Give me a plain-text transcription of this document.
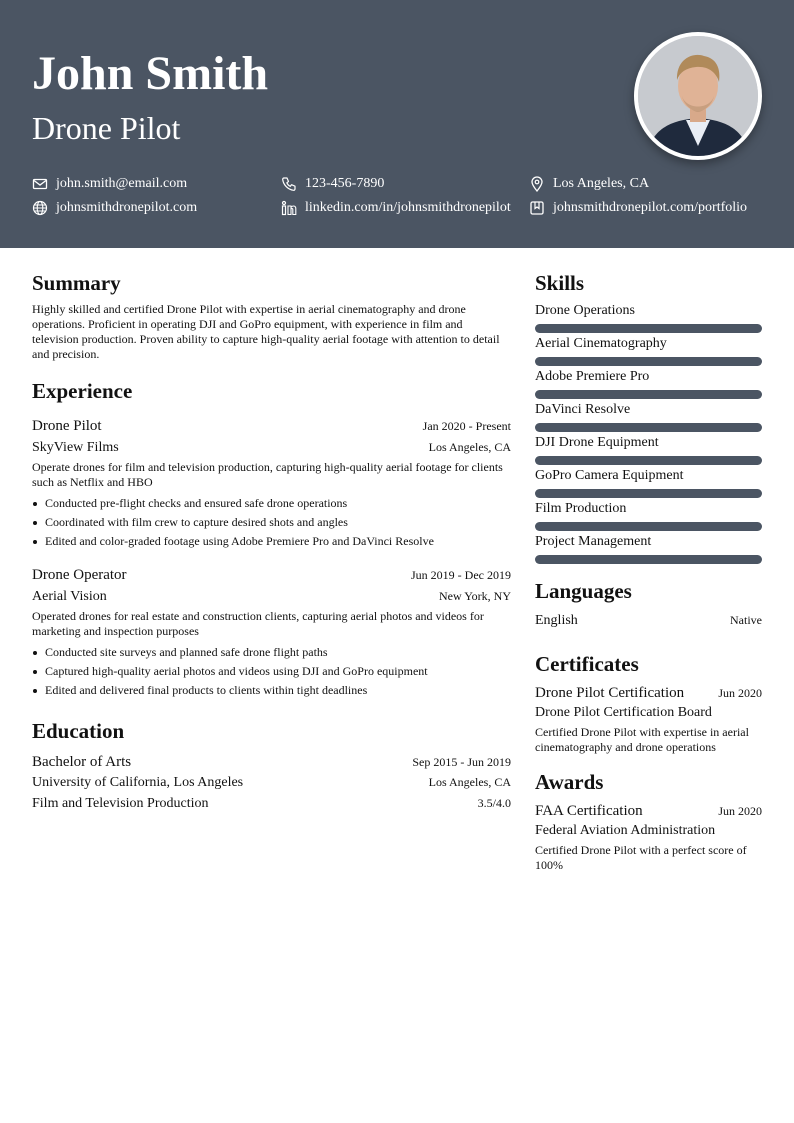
John Smith
Drone Pilot
john.smith@email.com	123-456-7890	Los Angeles, CA
johnsmithdronepilot.com	linkedin.com/in/johnsmithdronepilot	johnsmithdronepilot.com/portfolio
Summary
Highly skilled and certified Drone Pilot with expertise in aerial cinematography and drone operations. Proficient in operating DJI and GoPro equipment, with experience in film and television production. Proven ability to capture high-quality aerial footage with attention to detail and precision.
Experience
Drone Pilot	Jan 2020 - Present
SkyView Films	Los Angeles, CA
Operate drones for film and television production, capturing high-quality aerial footage for clients such as Netflix and HBO
Conducted pre-flight checks and ensured safe drone operations
Coordinated with film crew to capture desired shots and angles
Edited and color-graded footage using Adobe Premiere Pro and DaVinci Resolve
Drone Operator	Jun 2019 - Dec 2019
Aerial Vision	New York, NY
Operated drones for real estate and construction clients, capturing aerial photos and videos for marketing and inspection purposes
Conducted site surveys and planned safe drone flight paths
Captured high-quality aerial photos and videos using DJI and GoPro equipment
Edited and delivered final products to clients within tight deadlines
Education
Bachelor of Arts	Sep 2015 - Jun 2019
University of California, Los Angeles	Los Angeles, CA
Film and Television Production	3.5/4.0
Skills
Drone Operations
Aerial Cinematography
Adobe Premiere Pro
DaVinci Resolve
DJI Drone Equipment
GoPro Camera Equipment
Film Production
Project Management
Languages
English	Native
Certificates
Drone Pilot Certification	Jun 2020
Drone Pilot Certification Board
Certified Drone Pilot with expertise in aerial cinematography and drone operations
Awards
FAA Certification	Jun 2020
Federal Aviation Administration
Certified Drone Pilot with a perfect score of 100%
